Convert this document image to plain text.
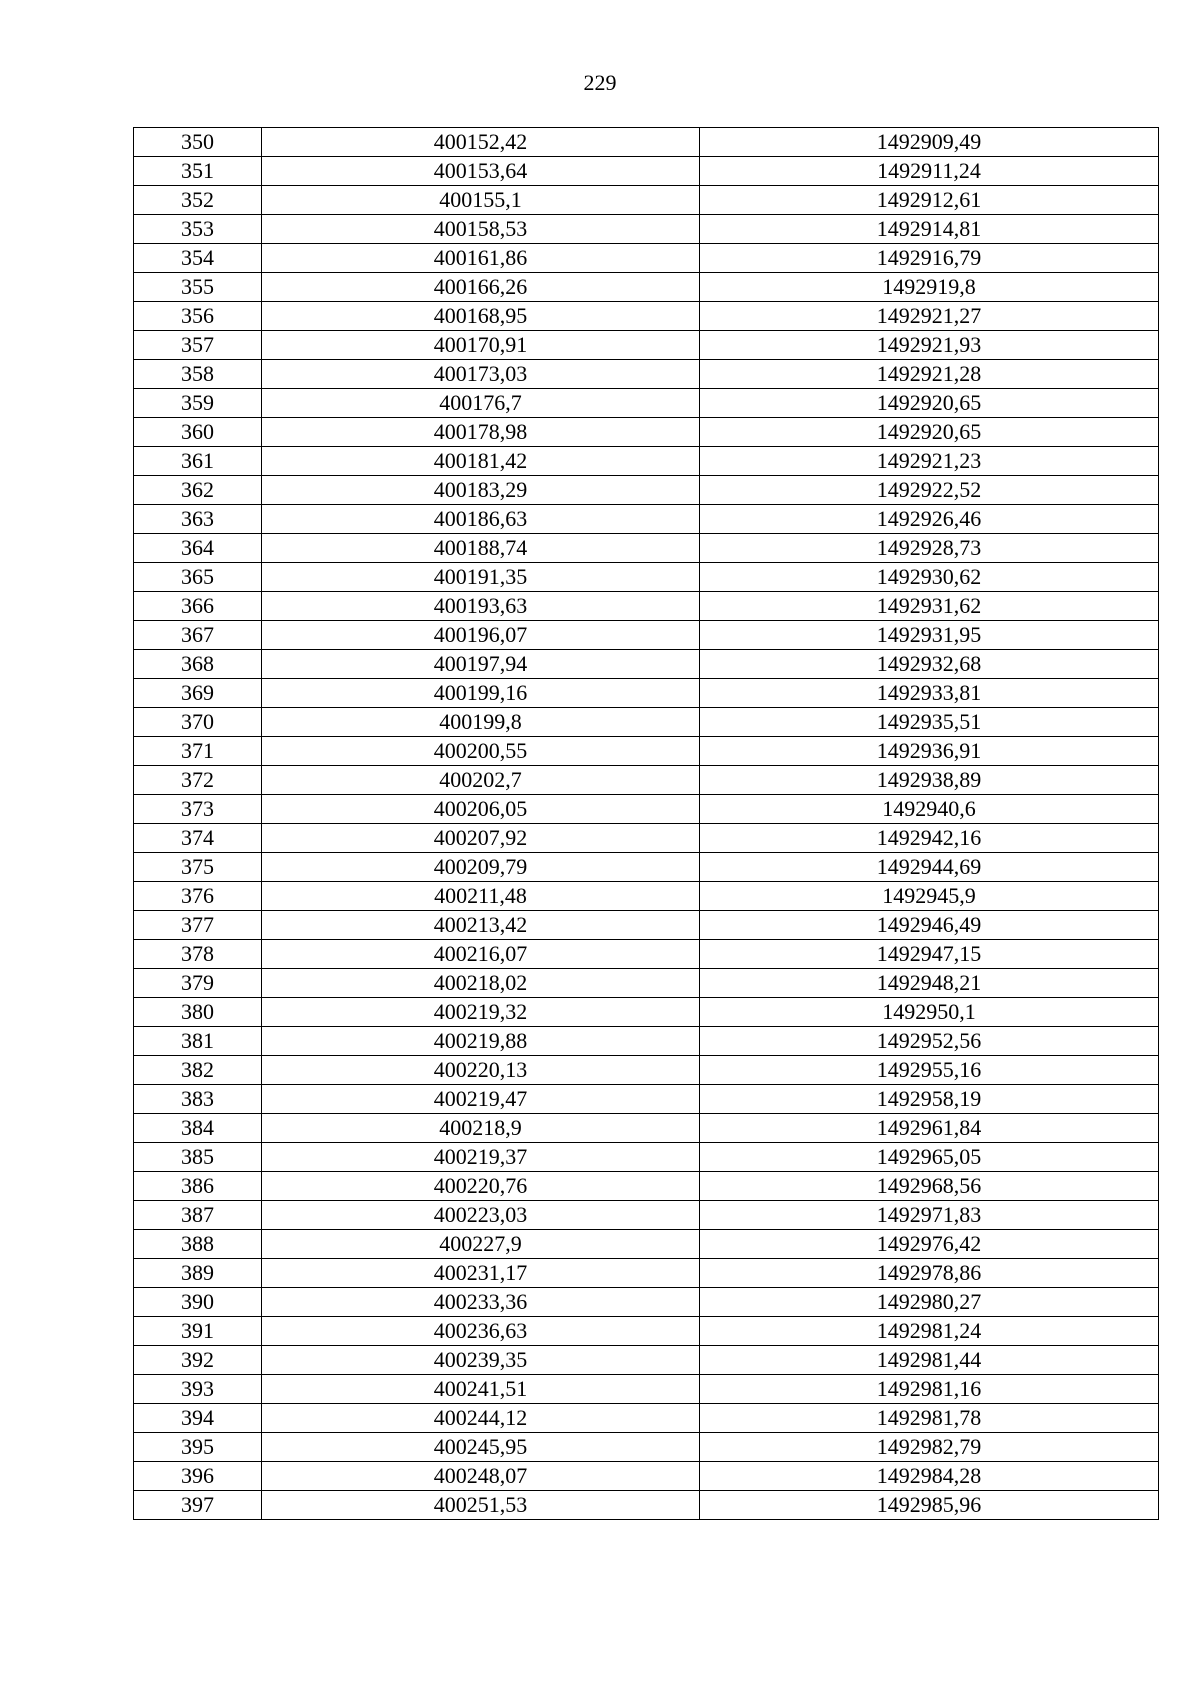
229
350	400152,42	1492909,49
351	400153,64	1492911,24
352	400155,1	1492912,61
353	400158,53	1492914,81
354	400161,86	1492916,79
355	400166,26	1492919,8
356	400168,95	1492921,27
357	400170,91	1492921,93
358	400173,03	1492921,28
359	400176,7	1492920,65
360	400178,98	1492920,65
361	400181,42	1492921,23
362	400183,29	1492922,52
363	400186,63	1492926,46
364	400188,74	1492928,73
365	400191,35	1492930,62
366	400193,63	1492931,62
367	400196,07	1492931,95
368	400197,94	1492932,68
369	400199,16	1492933,81
370	400199,8	1492935,51
371	400200,55	1492936,91
372	400202,7	1492938,89
373	400206,05	1492940,6
374	400207,92	1492942,16
375	400209,79	1492944,69
376	400211,48	1492945,9
377	400213,42	1492946,49
378	400216,07	1492947,15
379	400218,02	1492948,21
380	400219,32	1492950,1
381	400219,88	1492952,56
382	400220,13	1492955,16
383	400219,47	1492958,19
384	400218,9	1492961,84
385	400219,37	1492965,05
386	400220,76	1492968,56
387	400223,03	1492971,83
388	400227,9	1492976,42
389	400231,17	1492978,86
390	400233,36	1492980,27
391	400236,63	1492981,24
392	400239,35	1492981,44
393	400241,51	1492981,16
394	400244,12	1492981,78
395	400245,95	1492982,79
396	400248,07	1492984,28
397	400251,53	1492985,96
